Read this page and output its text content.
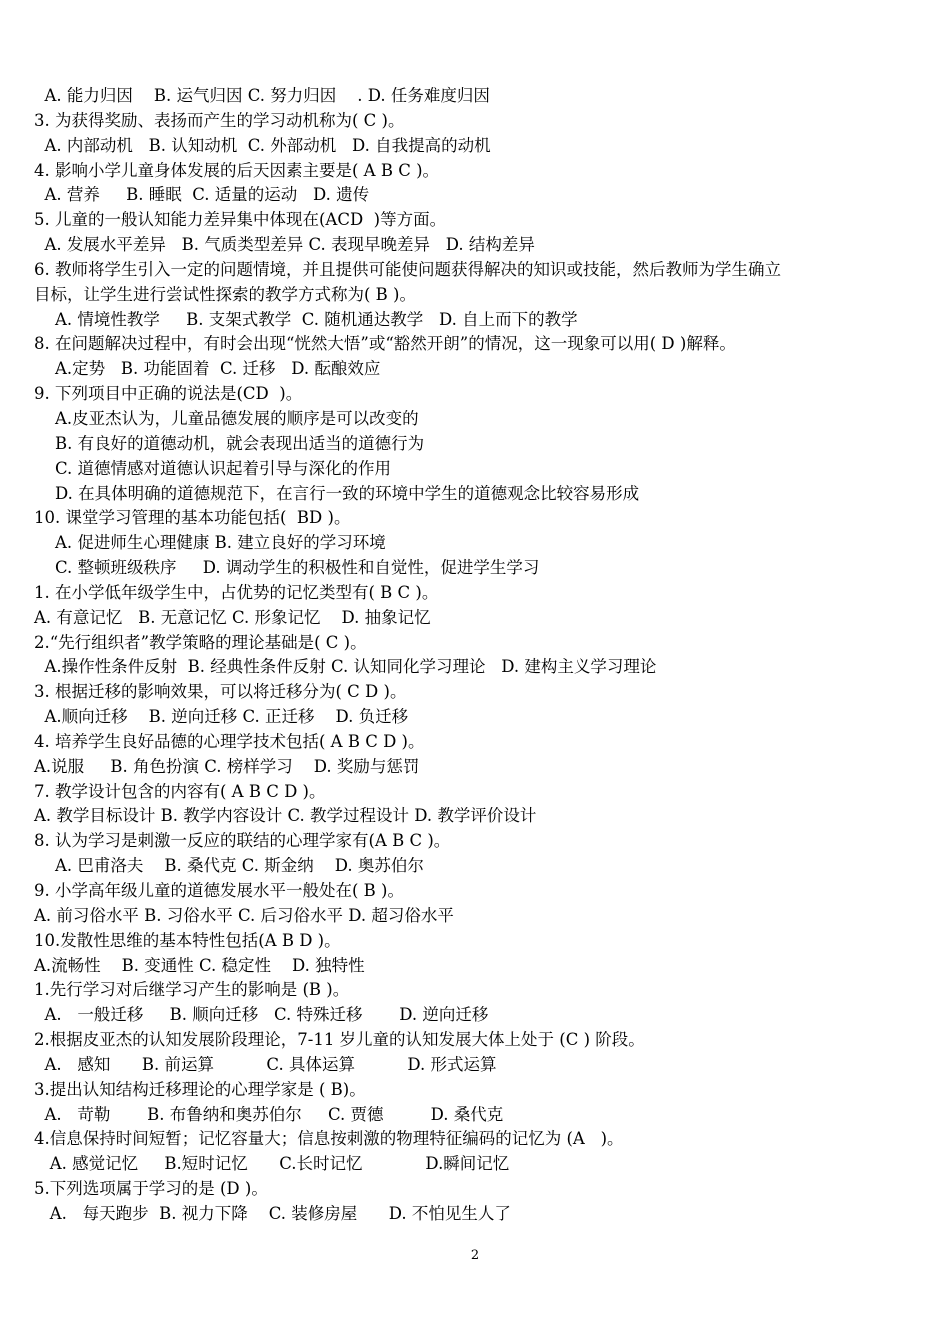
A. 能力归因    B. 运气归因 C. 努力归因    . D. 任务难度归因
3. 为获得奖励、表扬而产生的学习动机称为( C )。
A. 内部动机   B. 认知动机  C. 外部动机   D. 自我提高的动机
4. 影响小学儿童身体发展的后天因素主要是( A B C )。
A. 营养     B. 睡眠  C. 适量的运动   D. 遗传
5. 儿童的一般认知能力差异集中体现在(ACD  )等方面。
A. 发展水平差异   B. 气质类型差异 C. 表现早晚差异   D. 结构差异
6. 教师将学生引入一定的问题情境，并且提供可能使问题获得解决的知识或技能，然后教师为学生确立
目标，让学生进行尝试性探索的教学方式称为( B )。
A. 情境性教学     B. 支架式教学  C. 随机通达教学   D. 自上而下的教学
8. 在问题解决过程中，有时会出现“恍然大悟”或“豁然开朗”的情况，这一现象可以用( D )解释。
A.定势   B. 功能固着  C. 迁移   D. 酝酿效应
9. 下列项目中正确的说法是(CD  )。
A.皮亚杰认为，儿童品德发展的顺序是可以改变的
B. 有良好的道德动机，就会表现出适当的道德行为
C. 道德情感对道德认识起着引导与深化的作用
D. 在具体明确的道德规范下，在言行一致的环境中学生的道德观念比较容易形成
10. 课堂学习管理的基本功能包括(  BD )。
A. 促进师生心理健康 B. 建立良好的学习环境
C. 整顿班级秩序     D. 调动学生的积极性和自觉性，促进学生学习
1. 在小学低年级学生中，占优势的记忆类型有( B C )。
A. 有意记忆   B. 无意记忆 C. 形象记忆    D. 抽象记忆
2.“先行组织者”教学策略的理论基础是( C )。
A.操作性条件反射  B. 经典性条件反射 C. 认知同化学习理论   D. 建构主义学习理论
3. 根据迁移的影响效果，可以将迁移分为( C D )。
A.顺向迁移    B. 逆向迁移 C. 正迁移    D. 负迁移
4. 培养学生良好品德的心理学技术包括( A B C D )。
A.说服     B. 角色扮演 C. 榜样学习    D. 奖励与惩罚
7. 教学设计包含的内容有( A B C D )。
A. 教学目标设计 B. 教学内容设计 C. 教学过程设计 D. 教学评价设计
8. 认为学习是刺激一反应的联结的心理学家有(A B C )。
A. 巴甫洛夫    B. 桑代克 C. 斯金纳    D. 奥苏伯尔
9. 小学高年级儿童的道德发展水平一般处在( B )。
A. 前习俗水平 B. 习俗水平 C. 后习俗水平 D. 超习俗水平
10.发散性思维的基本特性包括(A B D )。
A.流畅性    B. 变通性 C. 稳定性    D. 独特性
1.先行学习对后继学习产生的影响是 (B )。
A.   一般迁移     B. 顺向迁移   C. 特殊迁移       D. 逆向迁移
2.根据皮亚杰的认知发展阶段理论，7-11 岁儿童的认知发展大体上处于 (C ) 阶段。
A.   感知      B. 前运算          C. 具体运算          D. 形式运算
3.提出认知结构迁移理论的心理学家是 ( B)。
A.   苛勒       B. 布鲁纳和奥苏伯尔     C. 贾德         D. 桑代克
4.信息保持时间短暂；记忆容量大；信息按刺激的物理特征编码的记忆为 (A   )。
A. 感觉记忆     B.短时记忆      C.长时记忆            D.瞬间记忆
5.下列选项属于学习的是 (D )。
A.   每天跑步  B. 视力下降    C. 装修房屋      D. 不怕见生人了
2
